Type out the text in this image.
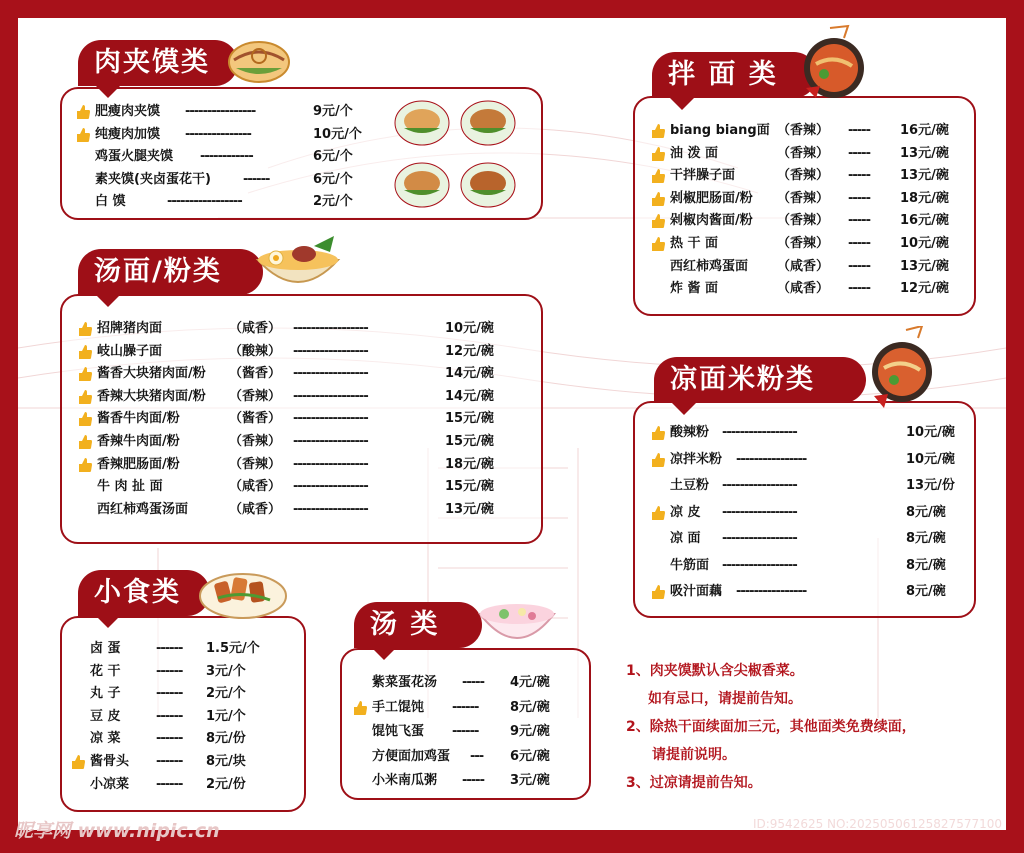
肉夹馍类
肥瘦肉夹馍 ----------------	9元/个
纯瘦肉加馍 ---------------	10元/个
鸡蛋火腿夹馍 ------------	6元/个
素夹馍(夹卤蛋花干) ------	6元/个
白 馍	-----------------	2元/个
汤面/粉类
招牌猪肉面	（咸香） -----------------	10元/碗
岐山臊子面	（酸辣） -----------------	12元/碗
酱香大块猪肉面/粉 （酱香） -----------------	14元/碗
香辣大块猪肉面/粉 （香辣） -----------------	14元/碗
酱香牛肉面/粉	（酱香） -----------------	15元/碗
香辣牛肉面/粉	（香辣） -----------------	15元/碗
香辣肥肠面/粉	（香辣） -----------------	18元/碗
牛 肉 扯 面	（咸香） -----------------	15元/碗
西红柿鸡蛋汤面	（咸香） -----------------	13元/碗
小食类
卤 蛋	------ 1.5元/个
花 干	------ 3元/个
丸 子	------ 2元/个
豆 皮	------ 1元/个
凉 菜	------ 8元/份
酱骨头 ------ 8元/块
小凉菜 ------ 2元/份
汤 类
紫菜蛋花汤 ----- 4元/碗
手工馄饨 ------ 8元/碗
馄饨飞蛋 ------ 9元/碗
方便面加鸡蛋 --- 6元/碗
小米南瓜粥 ----- 3元/碗
拌 面 类
biang biang面 （香辣） ----- 16元/碗
油 泼 面	（香辣） ----- 13元/碗
干拌臊子面	（香辣） ----- 13元/碗
剁椒肥肠面/粉 （香辣） ----- 18元/碗
剁椒肉酱面/粉 （香辣） ----- 16元/碗
热 干 面	（香辣） ----- 10元/碗
西红柿鸡蛋面 （咸香） ----- 13元/碗
炸 酱 面	（咸香） ----- 12元/碗
凉面米粉类
酸辣粉 -----------------	10元/碗
凉拌米粉 ----------------	10元/碗
土豆粉 -----------------	13元/份
凉 皮 -----------------	8元/碗
凉 面 -----------------	8元/碗
牛筋面 -----------------	8元/碗
吸汁面藕 ----------------	8元/碗
1、肉夹馍默认含尖椒香菜。
如有忌口，请提前告知。
2、除热干面续面加三元，其他面类免费续面，
请提前说明。
3、过凉请提前告知。
昵享网 www.nipic.cn	ID:9542625 NO:20250506125827577100
